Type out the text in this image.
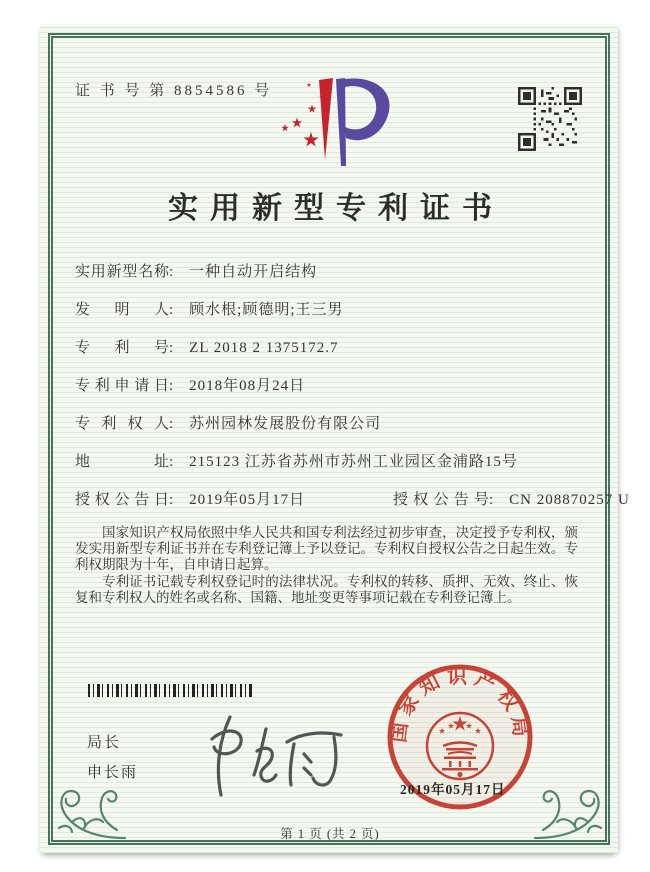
证 书 号 第 8854586 号
实用新型专利证书
实用新型名称: 一种自动开启结构
发明人: 顾水根;顾德明;王三男
专利号: ZL 2018 2 1375172.7
专利申请日: 2018年08月24日
专利权人: 苏州园林发展股份有限公司
地址: 215123 江苏省苏州市苏州工业园区金浦路15号
授权公告日: 2019年05月17日	授权公告号: CN 208870257 U

国家知识产权局依照中华人民共和国专利法经过初步审查，决定授予专利权，颁发实用新型专利证书并在专利登记簿上予以登记。专利权自授权公告之日起生效。专利权期限为十年，自申请日起算。

专利证书记载专利权登记时的法律状况。专利权的转移、质押、无效、终止、恢复和专利权人的姓名或名称、国籍、地址变更等事项记载在专利登记簿上。

局长
申长雨
国家知识产权局
2019年05月17日
第 1 页 (共 2 页)
